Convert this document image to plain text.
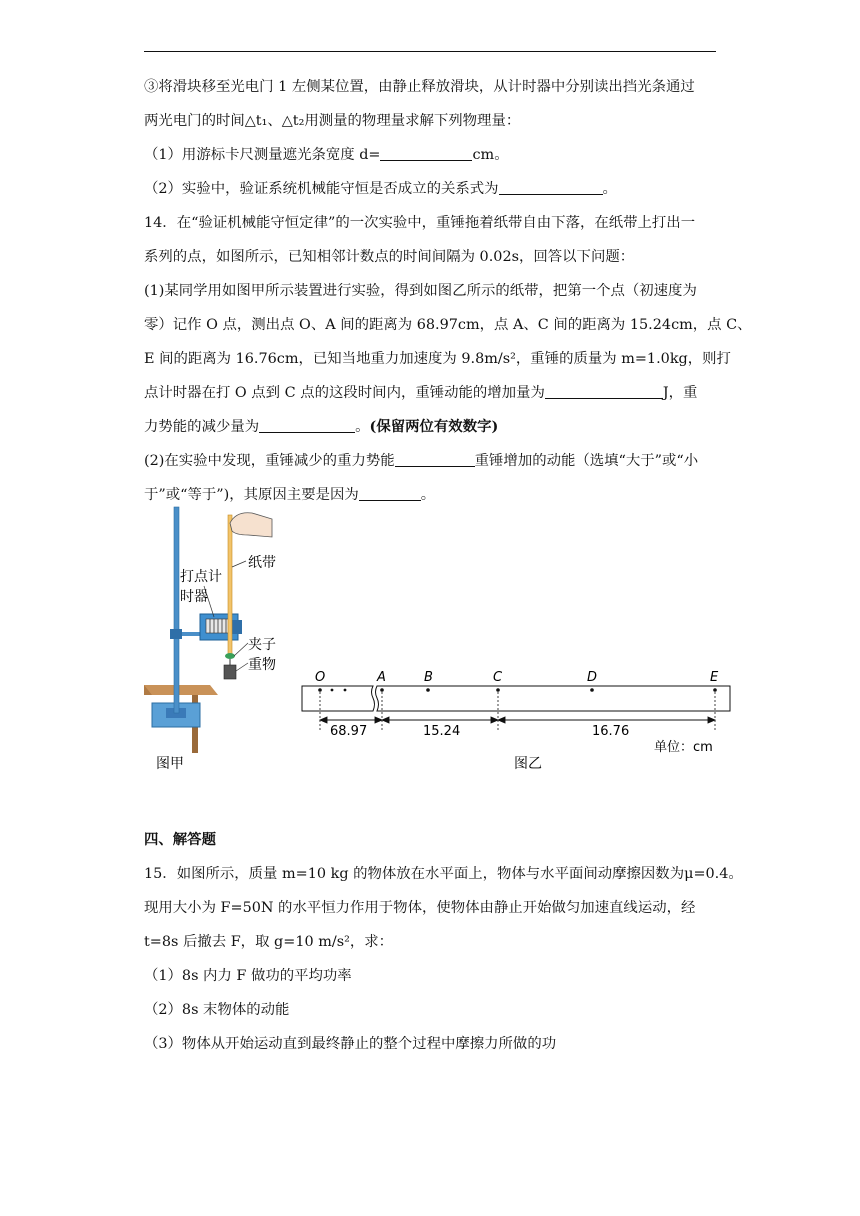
③将滑块移至光电门 1 左侧某位置，由静止释放滑块，从计时器中分别读出挡光条通过
两光电门的时间△t₁、△t₂用测量的物理量求解下列物理量：
（1）用游标卡尺测量遮光条宽度 d=	cm。
（2）实验中，验证系统机械能守恒是否成立的关系式为	。
14．在“验证机械能守恒定律”的一次实验中，重锤拖着纸带自由下落，在纸带上打出一
系列的点，如图所示，已知相邻计数点的时间间隔为 0.02s，回答以下问题：
(1)某同学用如图甲所示装置进行实验，得到如图乙所示的纸带，把第一个点（初速度为
零）记作 O 点，测出点 O、A 间的距离为 68.97cm，点 A、C 间的距离为 15.24cm，点 C、
E 间的距离为 16.76cm，已知当地重力加速度为 9.8m/s²，重锤的质量为 m=1.0kg，则打
点计时器在打 O 点到 C 点的这段时间内，重锤动能的增加量为	J，重
力势能的减少量为	。(保留两位有效数字)
(2)在实验中发现，重锤减少的重力势能	重锤增加的动能（选填“大于”或“小
于”或“等于”)，其原因主要是因为	。
打点计
时器
纸带
夹子
重物
图甲
O	A	B	C	D	E
68.97	15.24	16.76
单位：cm
图乙
四、解答题
15．如图所示，质量 m=10 kg 的物体放在水平面上，物体与水平面间动摩擦因数为μ=0.4。
现用大小为 F=50N 的水平恒力作用于物体，使物体由静止开始做匀加速直线运动，经
t=8s 后撤去 F，取 g=10 m/s²，求：
（1）8s 内力 F 做功的平均功率
（2）8s 末物体的动能
（3）物体从开始运动直到最终静止的整个过程中摩擦力所做的功
